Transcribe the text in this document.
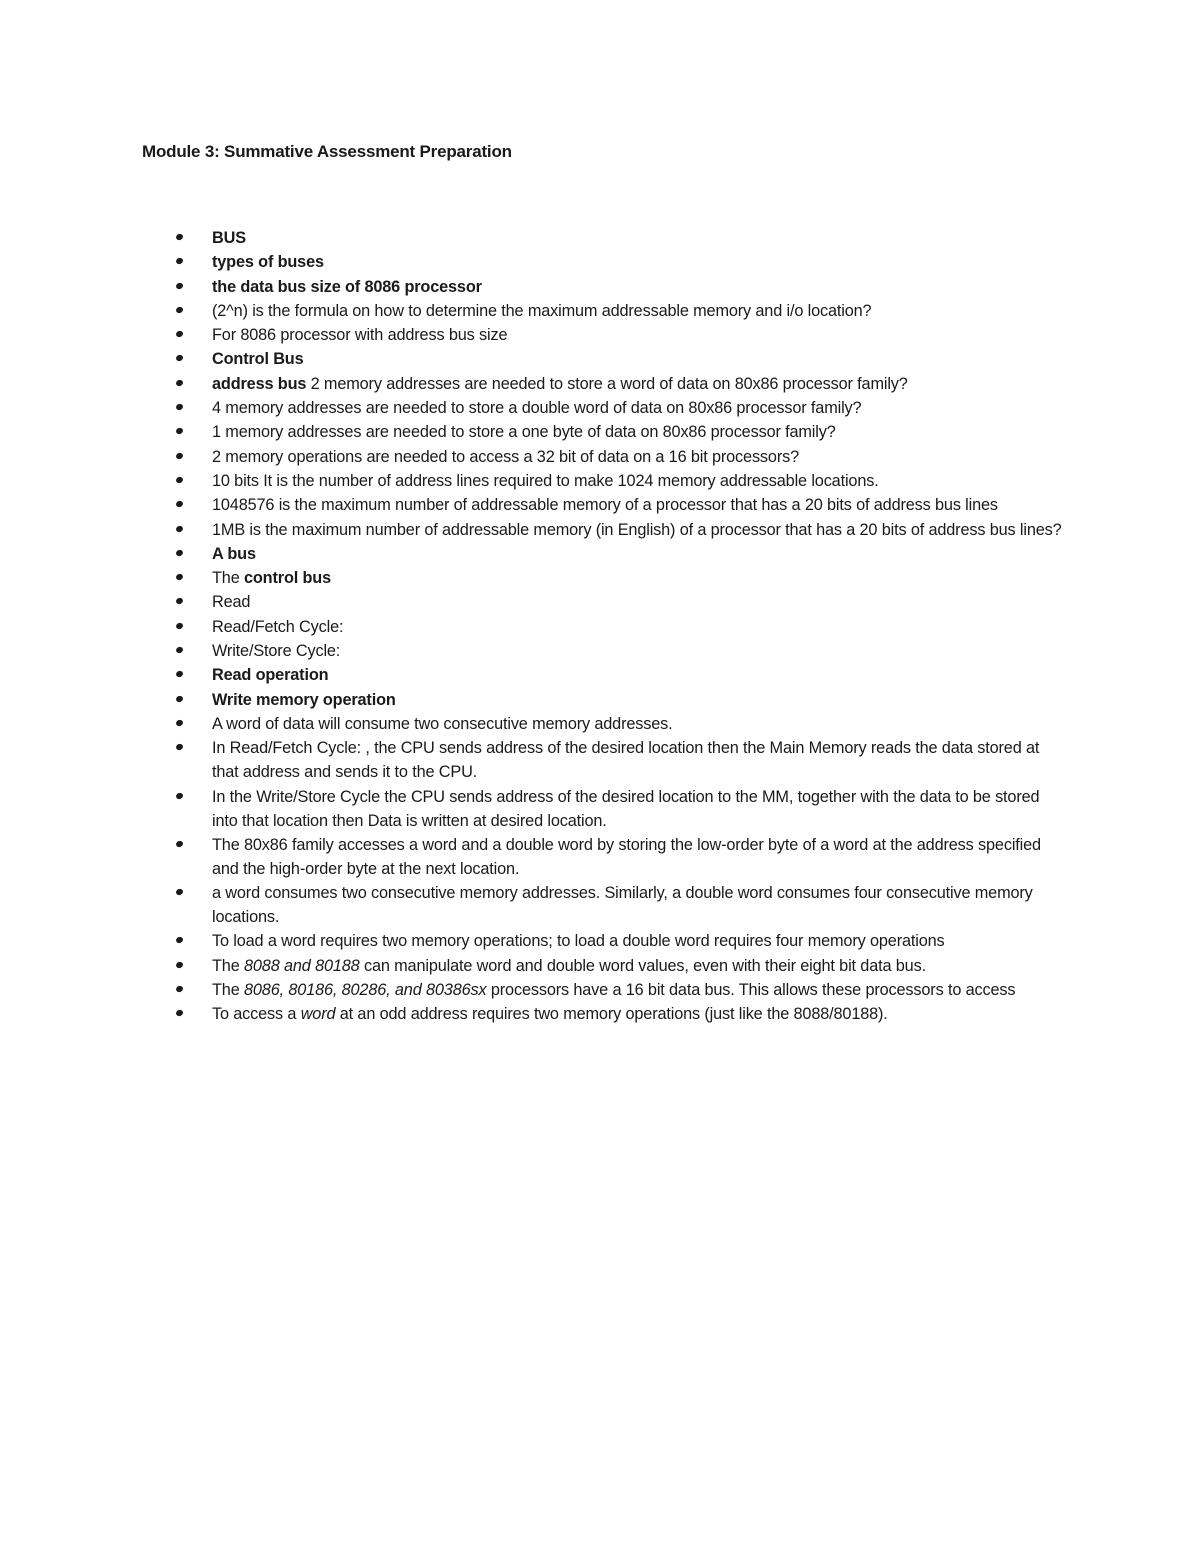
Module 3: Summative Assessment Preparation
BUS
types of buses
the data bus size of 8086 processor
(2^n) is the formula on how to determine the maximum addressable memory and i/o location?
For 8086 processor with address bus size
Control Bus
address bus 2 memory addresses are needed to store a word of data on 80x86 processor family?
4 memory addresses are needed to store a double word of data on 80x86 processor family?
1 memory addresses are needed to store a one byte of data on 80x86 processor family?
2 memory operations are needed to access a 32 bit of data on a 16 bit processors?
10 bits It is the number of address lines required to make 1024 memory addressable locations.
1048576 is the maximum number of addressable memory of a processor that has a 20 bits of address bus lines
1MB is the maximum number of addressable memory (in English) of a processor that has a 20 bits of address bus lines?
A bus
The control bus
Read
Read/Fetch Cycle:
Write/Store Cycle:
Read operation
Write memory operation
A word of data will consume two consecutive memory addresses.
In Read/Fetch Cycle: , the CPU sends address of the desired location then the Main Memory reads the data stored at that address and sends it to the CPU.
In the Write/Store Cycle the CPU sends address of the desired location to the MM, together with the data to be stored into that location then Data is written at desired location.
The 80x86 family accesses a word and a double word by storing the low-order byte of a word at the address specified and the high-order byte at the next location.
a word consumes two consecutive memory addresses. Similarly, a double word consumes four consecutive memory locations.
To load a word requires two memory operations; to load a double word requires four memory operations
The 8088 and 80188 can manipulate word and double word values, even with their eight bit data bus.
The 8086, 80186, 80286, and 80386sx processors have a 16 bit data bus. This allows these processors to access
To access a word at an odd address requires two memory operations (just like the 8088/80188).
